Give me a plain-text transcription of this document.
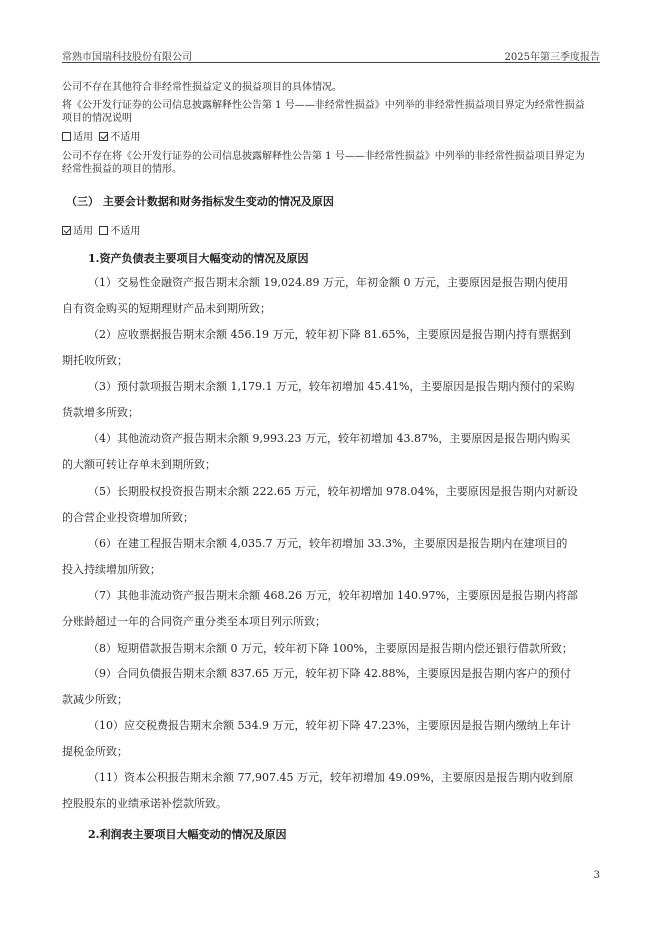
常熟市国瑞科技股份有限公司	2025年第三季度报告
公司不存在其他符合非经常性损益定义的损益项目的具体情况。
将《公开发行证券的公司信息披露解释性公告第 1 号——非经常性损益》中列举的非经常性损益项目界定为经常性损益
项目的情况说明
适用 不适用
公司不存在将《公开发行证券的公司信息披露解释性公告第 1 号——非经常性损益》中列举的非经常性损益项目界定为
经常性损益的项目的情形。
（三） 主要会计数据和财务指标发生变动的情况及原因
适用 不适用
1.资产负债表主要项目大幅变动的情况及原因
（1）交易性金融资产报告期末余额 19,024.89 万元，年初金额 0 万元，主要原因是报告期内使用
自有资金购买的短期理财产品未到期所致；
（2）应收票据报告期末余额 456.19 万元，较年初下降 81.65%，主要原因是报告期内持有票据到
期托收所致；
（3）预付款项报告期末余额 1,179.1 万元，较年初增加 45.41%，主要原因是报告期内预付的采购
货款增多所致；
（4）其他流动资产报告期末余额 9,993.23 万元，较年初增加 43.87%，主要原因是报告期内购买
的大额可转让存单未到期所致；
（5）长期股权投资报告期末余额 222.65 万元，较年初增加 978.04%，主要原因是报告期内对新设
的合营企业投资增加所致；
（6）在建工程报告期末余额 4,035.7 万元，较年初增加 33.3%，主要原因是报告期内在建项目的
投入持续增加所致；
（7）其他非流动资产报告期末余额 468.26 万元，较年初增加 140.97%，主要原因是报告期内将部
分账龄超过一年的合同资产重分类至本项目列示所致；
（8）短期借款报告期末余额 0 万元，较年初下降 100%，主要原因是报告期内偿还银行借款所致；
（9）合同负债报告期末余额 837.65 万元，较年初下降 42.88%，主要原因是报告期内客户的预付
款减少所致；
（10）应交税费报告期末余额 534.9 万元，较年初下降 47.23%，主要原因是报告期内缴纳上年计
提税金所致；
（11）资本公积报告期末余额 77,907.45 万元，较年初增加 49.09%，主要原因是报告期内收到原
控股股东的业绩承诺补偿款所致。
2.利润表主要项目大幅变动的情况及原因
3
